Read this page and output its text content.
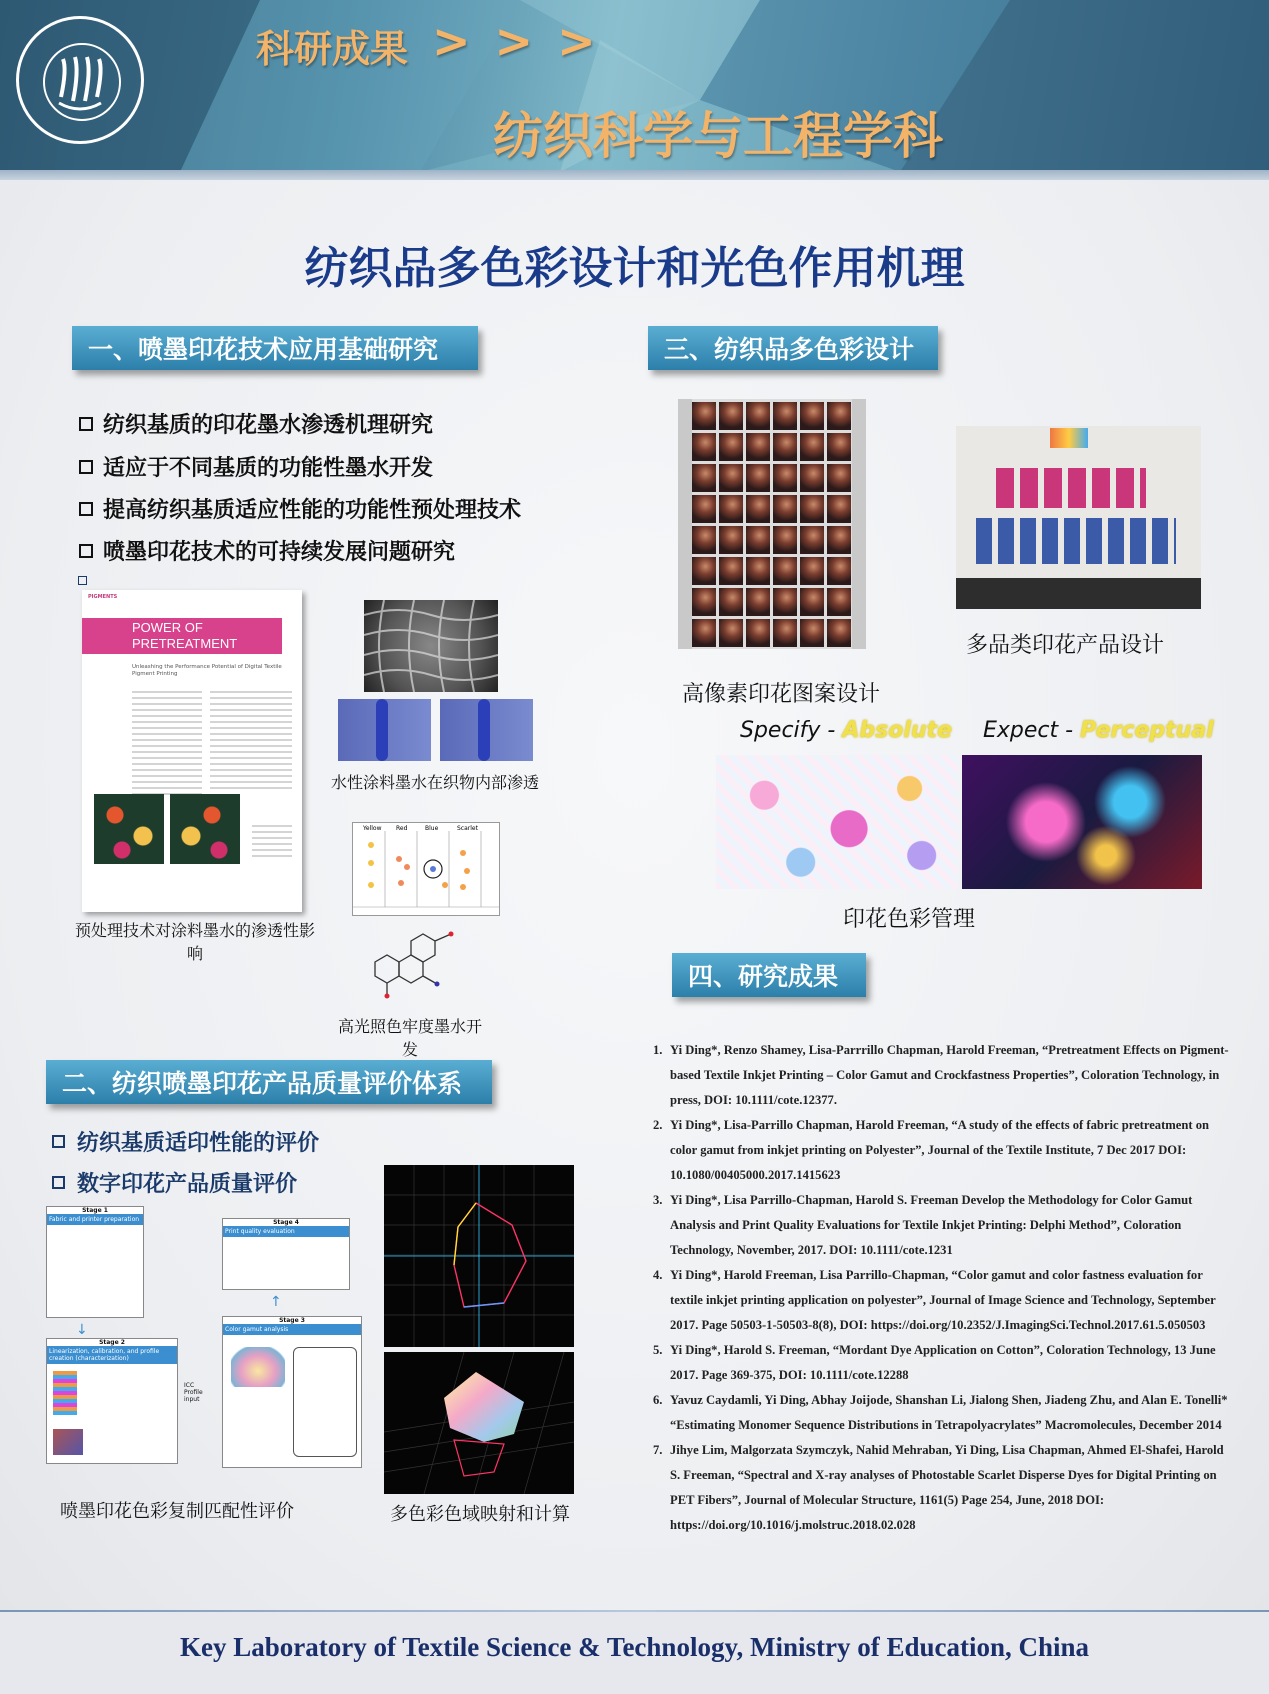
科研成果 > > >
纺织科学与工程学科
纺织品多色彩设计和光色作用机理
一、喷墨印花技术应用基础研究
纺织基质的印花墨水渗透机理研究
适应于不同基质的功能性墨水开发
提高纺织基质适应性能的功能性预处理技术
喷墨印花技术的可持续发展问题研究
PIGMENTS
POWER OF
PRETREATMENT
Unleashing the Performance Potential of Digital Textile Pigment Printing
预处理技术对涂料墨水的渗透性影响
水性涂料墨水在织物内部渗透
Yellow Red	Blue	Scarlet
高光照色牢度墨水开发
二、纺织喷墨印花产品质量评价体系
纺织基质适印性能的评价
数字印花产品质量评价
Stage 1
Fabric and printer preparation
↓
Stage 2
Linearization, calibration, and profile creation (characterization)
ICC Profile input
Stage 4
Print quality evaluation
↑
Stage 3
Color gamut analysis
喷墨印花色彩复制匹配性评价	多色彩色域映射和计算
三、纺织品多色彩设计
高像素印花图案设计
多品类印花产品设计
Specify - Absolute Expect - Perceptual
印花色彩管理
四、研究成果
1. Yi Ding*, Renzo Shamey, Lisa-Parrrillo Chapman, Harold Freeman, “Pretreatment Effects on Pigment-based Textile Inkjet Printing – Color Gamut and Crockfastness Properties”, Coloration Technology, in press, DOI: 10.1111/cote.12377.
2. Yi Ding*, Lisa-Parrillo Chapman, Harold Freeman, “A study of the effects of fabric pretreatment on color gamut from inkjet printing on Polyester”, Journal of the Textile Institute, 7 Dec 2017 DOI: 10.1080/00405000.2017.1415623
3. Yi Ding*, Lisa Parrillo-Chapman, Harold S. Freeman Develop the Methodology for Color Gamut Analysis and Print Quality Evaluations for Textile Inkjet Printing: Delphi Method”, Coloration Technology, November, 2017. DOI: 10.1111/cote.1231
4. Yi Ding*, Harold Freeman, Lisa Parrillo-Chapman, “Color gamut and color fastness evaluation for textile inkjet printing application on polyester”, Journal of Image Science and Technology, September 2017. Page 50503-1-50503-8(8), DOI: https://doi.org/10.2352/J.ImagingSci.Technol.2017.61.5.050503
5. Yi Ding*, Harold S. Freeman, “Mordant Dye Application on Cotton”, Coloration Technology, 13 June 2017. Page 369-375, DOI: 10.1111/cote.12288
6. Yavuz Caydamli, Yi Ding, Abhay Joijode, Shanshan Li, Jialong Shen, Jiadeng Zhu, and Alan E. Tonelli* “Estimating Monomer Sequence Distributions in Tetrapolyacrylates” Macromolecules, December 2014
7. Jihye Lim, Malgorzata Szymczyk, Nahid Mehraban, Yi Ding, Lisa Chapman, Ahmed El-Shafei, Harold S. Freeman, “Spectral and X-ray analyses of Photostable Scarlet Disperse Dyes for Digital Printing on PET Fibers”, Journal of Molecular Structure, 1161(5) Page 254, June, 2018 DOI: https://doi.org/10.1016/j.molstruc.2018.02.028
Key Laboratory of Textile Science & Technology, Ministry of Education, China
